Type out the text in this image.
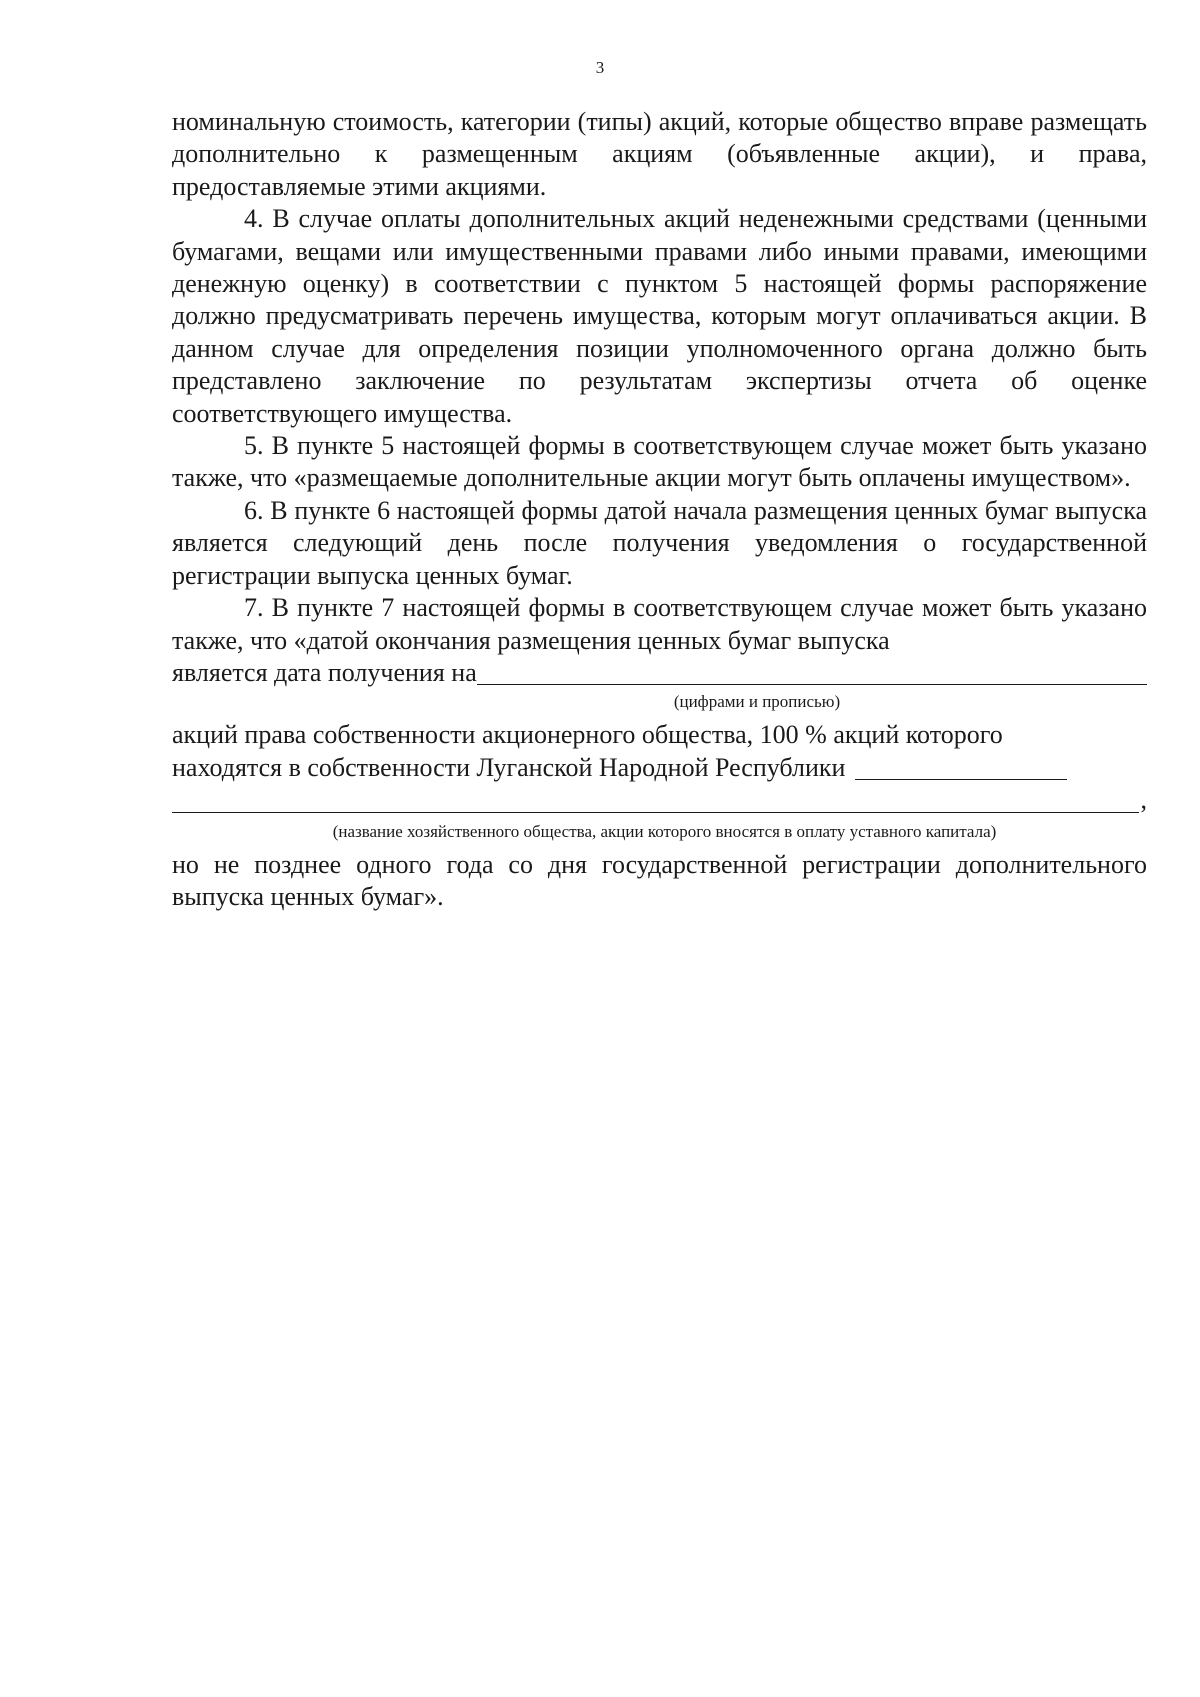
3

номинальную стоимость, категории (типы) акций, которые общество вправе размещать дополнительно к размещенным акциям (объявленные акции), и права, предоставляемые этими акциями.

4. В случае оплаты дополнительных акций неденежными средствами (ценными бумагами, вещами или имущественными правами либо иными правами, имеющими денежную оценку) в соответствии с пунктом 5 настоящей формы распоряжение должно предусматривать перечень имущества, которым могут оплачиваться акции. В данном случае для определения позиции уполномоченного органа должно быть представлено заключение по результатам экспертизы отчета об оценке соответствующего имущества.

5. В пункте 5 настоящей формы в соответствующем случае может быть указано также, что «размещаемые дополнительные акции могут быть оплачены имуществом».

6. В пункте 6 настоящей формы датой начала размещения ценных бумаг выпуска является следующий день после получения уведомления о государственной регистрации выпуска ценных бумаг.

7. В пункте 7 настоящей формы в соответствующем случае может быть указано также, что «датой окончания размещения ценных бумаг выпуска

является дата получения на
(цифрами и прописью)

акций права собственности акционерного общества, 100 % акций которого

находятся в собственности Луганской Народной Республики
,
(название хозяйственного общества, акции которого вносятся в оплату уставного капитала)

но не позднее одного года со дня государственной регистрации дополнительного выпуска ценных бумаг».
